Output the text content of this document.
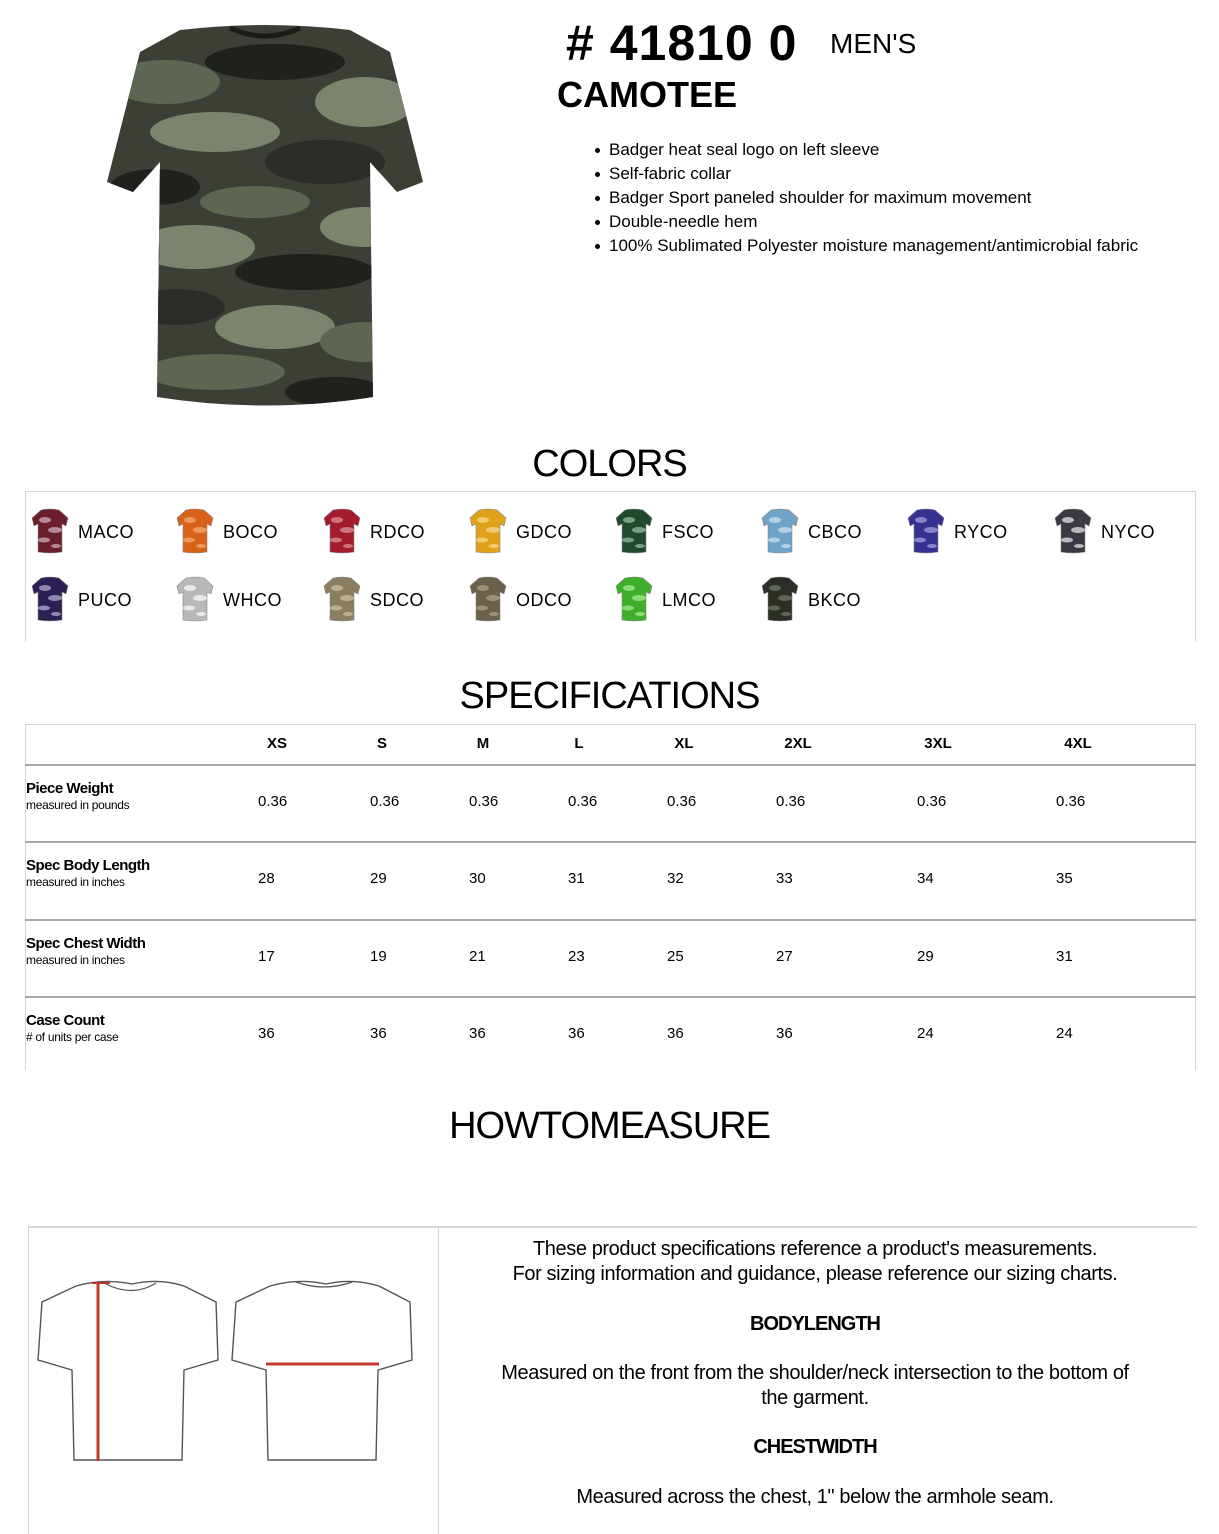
# 41810 0 MEN'S
CAMOTEE
Badger heat seal logo on left sleeve
Self-fabric collar
Badger Sport paneled shoulder for maximum movement
Double-needle hem
100% Sublimated Polyester moisture management/antimicrobial fabric
COLORS
MACO	BOCO	RDCO	GDCO	FSCO	CBCO	RYCO	NYCO
PUCO	WHCO	SDCO	ODCO	LMCO	BKCO
SPECIFICATIONS
XS	S	M	L	XL	2XL	3XL	4XL
Piece Weight
measured in pounds	0.36	0.36	0.36	0.36	0.36	0.36	0.36	0.36
Spec Body Length
measured in inches	28	29	30	31	32	33	34	35
Spec Chest Width
measured in inches	17	19	21	23	25	27	29	31
Case Count
# of units per case	36	36	36	36	36	36	24	24
HOWTOMEASURE
These product specifications reference a product's measurements.
For sizing information and guidance, please reference our sizing charts.
BODYLENGTH
Measured on the front from the shoulder/neck intersection to the bottom of
the garment.
CHESTWIDTH
Measured across the chest, 1" below the armhole seam.
